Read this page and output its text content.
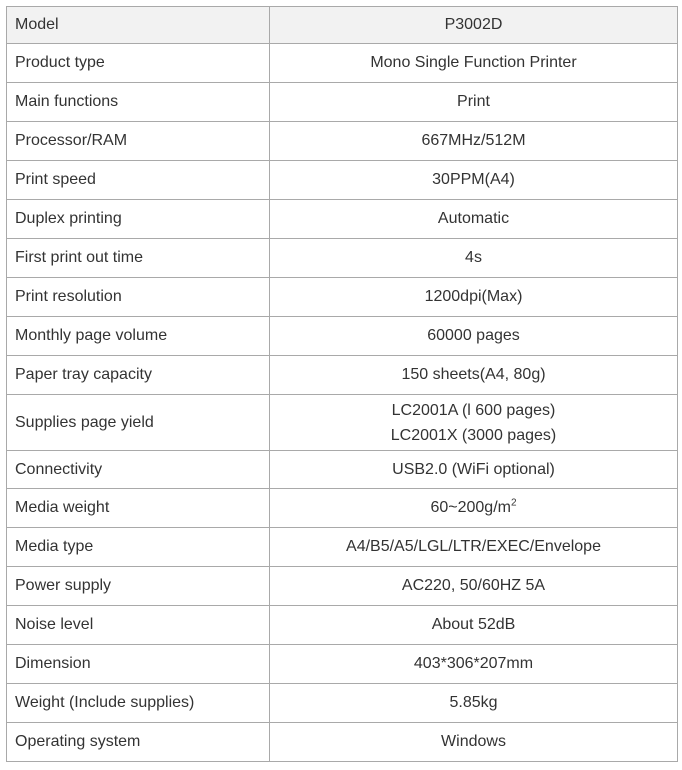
Model	P3002D
Product type	Mono Single Function Printer
Main functions	Print
Processor/RAM	667MHz/512M
Print speed	30PPM(A4)
Duplex printing	Automatic
First print out time	4s
Print resolution	1200dpi(Max)
Monthly page volume	60000 pages
Paper tray capacity	150 sheets(A4, 80g)
Supplies page yield	LC2001A (l 600 pages)
LC2001X (3000 pages)

Connectivity	USB2.0 (WiFi optional)
Media weight	$60\sim 200g/m^2$
Media type	A4/B5/A5/LGL/LTR/EXEC/Envelope
Power supply	AC220, 50/60HZ 5A
Noise level	About 52dB
Dimension	403*306*207mm
Weight (Include supplies)	5.85kg
Operating system	Windows
